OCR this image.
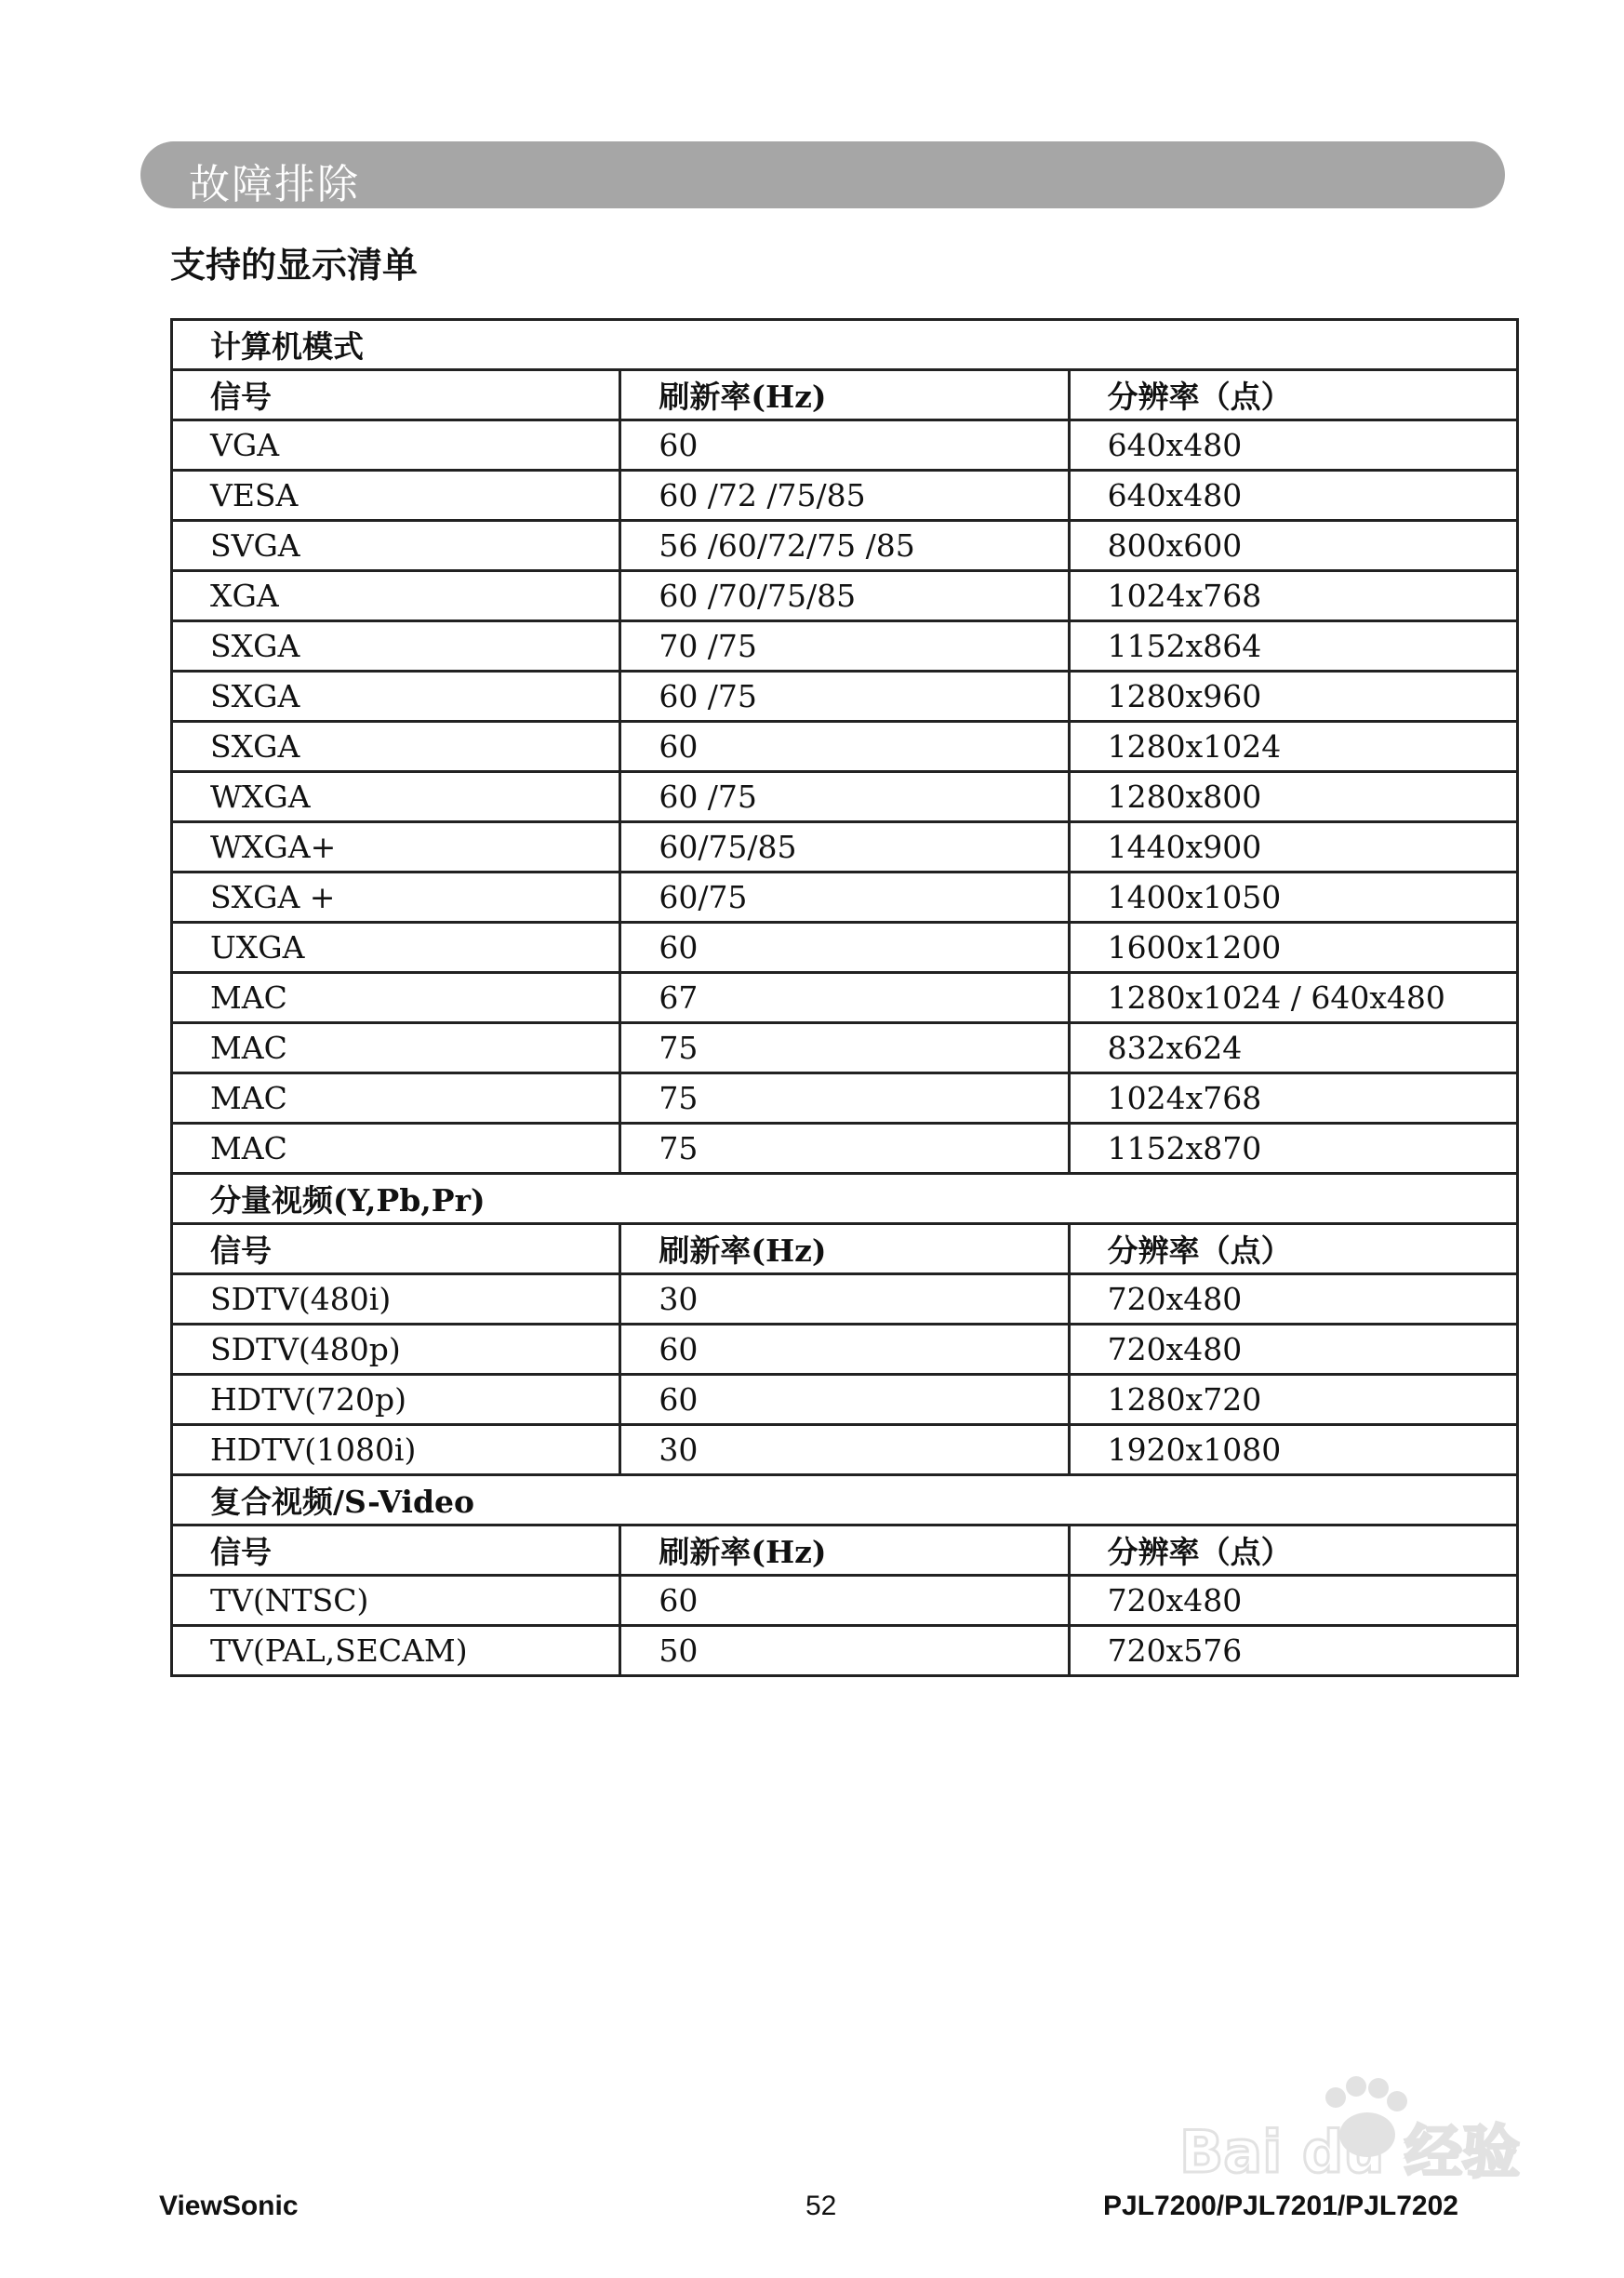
故障排除
支持的显示清单
计算机模式		
信号	刷新率(Hz)	分辨率（点）
VGA	60	640x480
VESA	60 /72 /75/85	640x480
SVGA	56 /60/72/75 /85	800x600
XGA	60 /70/75/85	1024x768
SXGA	70 /75	1152x864
SXGA	60 /75	1280x960
SXGA	60	1280x1024
WXGA	60 /75	1280x800
WXGA+	60/75/85	1440x900
SXGA +	60/75	1400x1050
UXGA	60	1600x1200
MAC	67	1280x1024 / 640x480
MAC	75	832x624
MAC	75	1024x768
MAC	75	1152x870
分量视频(Y,Pb,Pr)		
信号	刷新率(Hz)	分辨率（点）
SDTV(480i)	30	720x480
SDTV(480p)	60	720x480
HDTV(720p)	60	1280x720
HDTV(1080i)	30	1920x1080
复合视频/S-Video		
信号	刷新率(Hz)	分辨率（点）
TV(NTSC)	60	720x480
TV(PAL,SECAM)	50	720x576
ViewSonic	52	PJL7200/PJL7201/PJL7202
Bai du 经验
